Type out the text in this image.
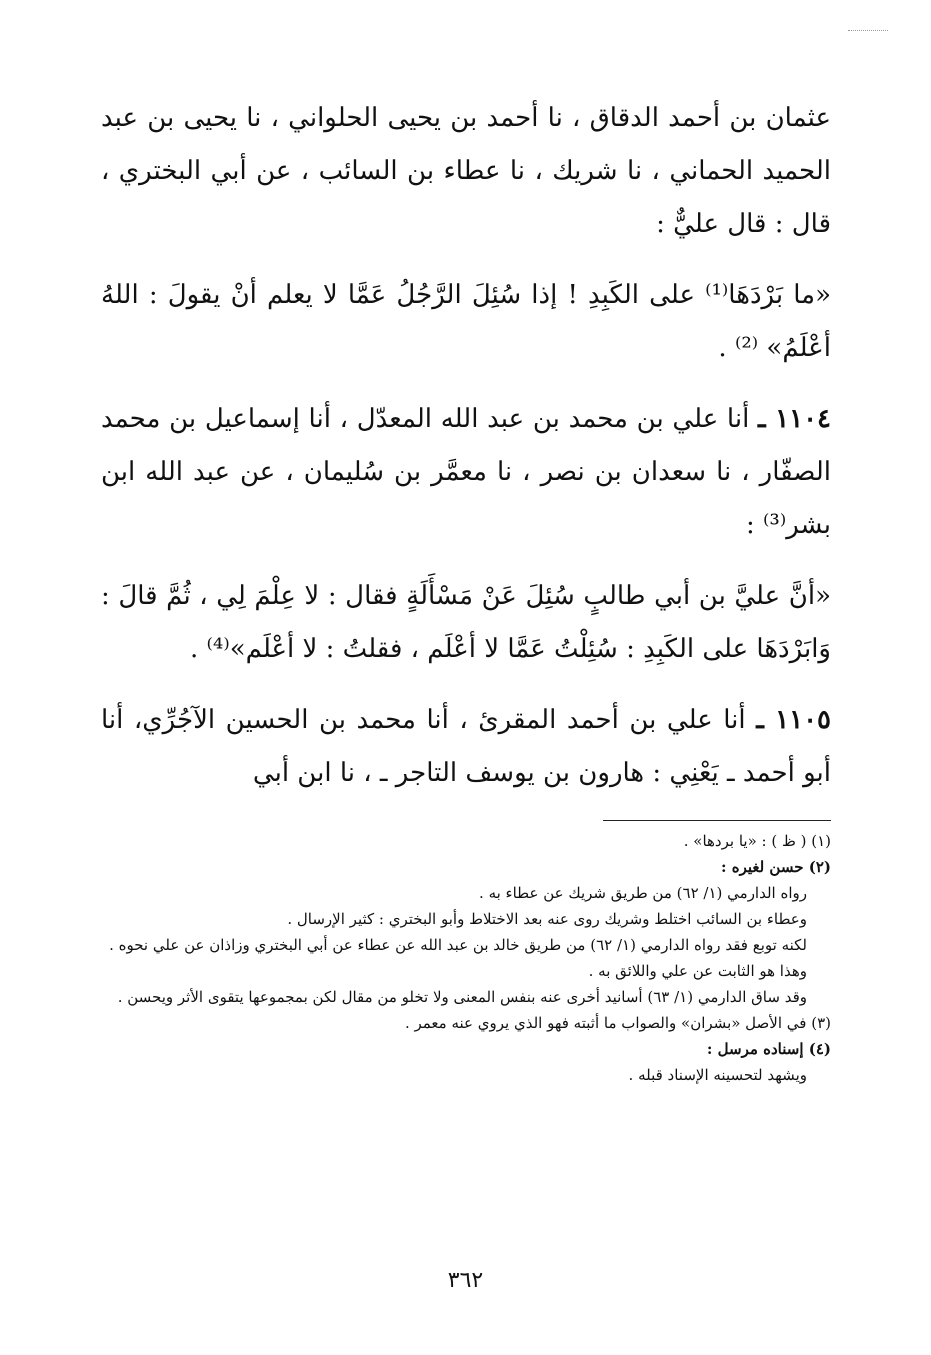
عثمان بن أحمد الدقاق ، نا أحمد بن يحيى الحلواني ، نا يحيى بن عبد الحميد الحماني ، نا شريك ، نا عطاء بن السائب ، عن أبي البختري ، قال : قال عليٌّ :

«ما بَرْدَهَا⁽¹⁾ على الكَبِدِ ! إذا سُئِلَ الرَّجُلُ عَمَّا لا يعلم أنْ يقولَ : اللهُ أعْلَمُ» ⁽²⁾ .

١١٠٤ ـ أنا علي بن محمد بن عبد الله المعدّل ، أنا إسماعيل بن محمد الصفّار ، نا سعدان بن نصر ، نا معمَّر بن سُليمان ، عن عبد الله ابن بشر⁽³⁾ :

«أنَّ عليَّ بن أبي طالبٍ سُئِلَ عَنْ مَسْأَلَةٍ فقال : لا عِلْمَ لِي ، ثُمَّ قالَ : وَابَرْدَهَا على الكَبِدِ : سُئِلْتُ عَمَّا لا أعْلَم ، فقلتُ : لا أعْلَم»⁽⁴⁾ .

١١٠٥ ـ أنا علي بن أحمد المقرئ ، أنا محمد بن الحسين الآجُرِّي، أنا أبو أحمد ـ يَعْنِي : هارون بن يوسف التاجر ـ ، نا ابن أبي

(١) ( ظ ) : «يا بردها» .

(٢) حسن لغيره :

رواه الدارمي (١/ ٦٢) من طريق شريك عن عطاء به .

وعطاء بن السائب اختلط وشريك روى عنه بعد الاختلاط وأبو البختري : كثير الإرسال .

لكنه توبع فقد رواه الدارمي (١/ ٦٢) من طريق خالد بن عبد الله عن عطاء عن أبي البختري وزاذان عن علي نحوه .

وهذا هو الثابت عن علي واللائق به .

وقد ساق الدارمي (١/ ٦٣) أسانيد أخرى عنه بنفس المعنى ولا تخلو من مقال لكن بمجموعها يتقوى الأثر ويحسن .

(٣) في الأصل «بشران» والصواب ما أثبته فهو الذي يروي عنه معمر .

(٤) إسناده مرسل :

ويشهد لتحسينه الإسناد قبله .

٣٦٢
